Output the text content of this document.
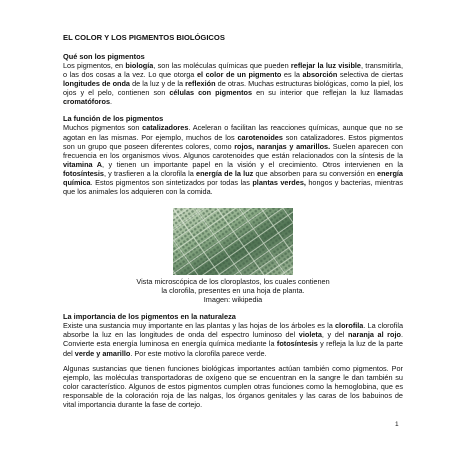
EL COLOR Y LOS PIGMENTOS BIOLÓGICOS
Qué son los pigmentos

Los pigmentos, en biología, son las moléculas químicas que pueden reflejar la luz visible, transmitirla, o las dos cosas a la vez. Lo que otorga el color de un pigmento es la absorción selectiva de ciertas longitudes de onda de la luz y de la reflexión de otras. Muchas estructuras biológicas, como la piel, los ojos y el pelo, contienen son células con pigmentos en su interior que reflejan la luz llamadas cromatóforos.

La función de los pigmentos

Muchos pigmentos son catalizadores. Aceleran o facilitan las reacciones químicas, aunque que no se agotan en las mismas. Por ejemplo, muchos de los carotenoides son catalizadores. Estos pigmentos son un grupo que poseen diferentes colores, como rojos, naranjas y amarillos. Suelen aparecen con frecuencia en los organismos vivos. Algunos carotenoides que están relacionados con la síntesis de la vitamina A, y tienen un importante papel en la visión y el crecimiento. Otros intervienen en la fotosíntesis, y trasfieren a la clorofila la energía de la luz que absorben para su conversión en energía química. Estos pigmentos son sintetizados por todas las plantas verdes, hongos y bacterias, mientras que los animales los adquieren con la comida.

Vista microscópica de los cloroplastos, los cuales contienen
la clorofila, presentes en una hoja de planta.
Imagen: wikipedia

La importancia de los pigmentos en la naturaleza

Existe una sustancia muy importante en las plantas y las hojas de los árboles es la clorofila. La clorofila absorbe la luz en las longitudes de onda del espectro luminoso del violeta, y del naranja al rojo. Convierte esta energía luminosa en energía química mediante la fotosíntesis y refleja la luz de la parte del verde y amarillo. Por este motivo la clorofila parece verde.

Algunas sustancias que tienen funciones biológicas importantes actúan también como pigmentos. Por ejemplo, las moléculas transportadoras de oxígeno que se encuentran en la sangre le dan también su color característico. Algunos de estos pigmentos cumplen otras funciones como la hemoglobina, que es responsable de la coloración roja de las nalgas, los órganos genitales y las caras de los babuinos de vital importancia durante la fase de cortejo.

1
